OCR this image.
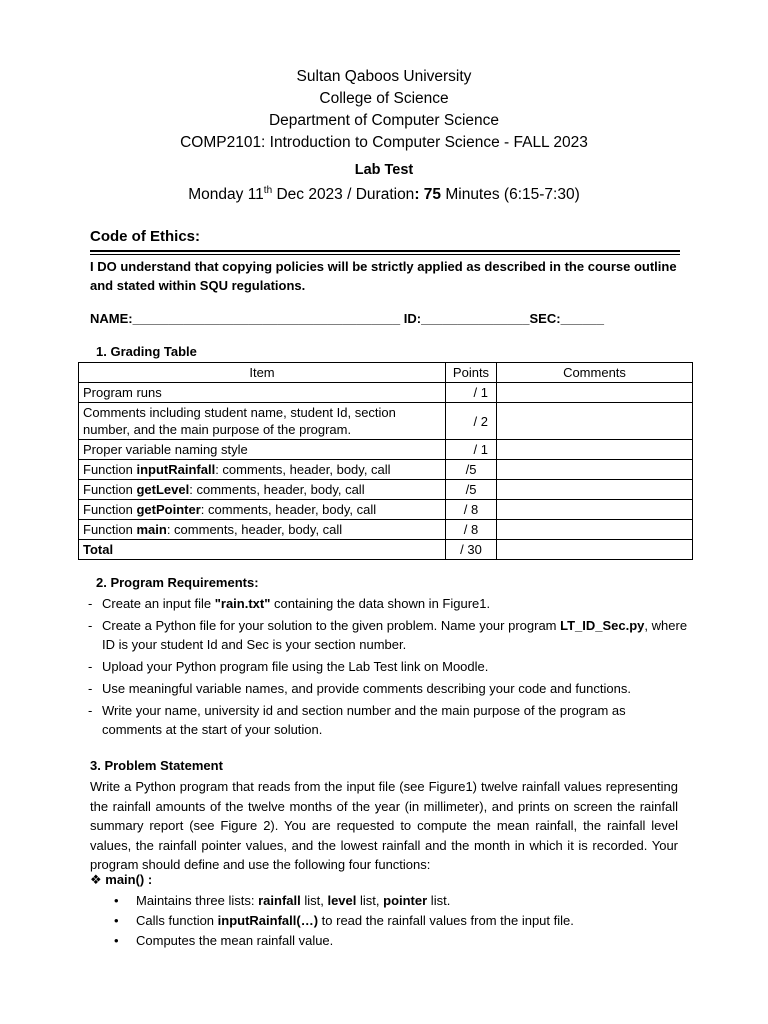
Sultan Qaboos University
College of Science
Department of Computer Science
COMP2101: Introduction to Computer Science - FALL 2023
Lab Test
Monday 11th Dec 2023 / Duration: 75 Minutes (6:15-7:30)
Code of Ethics:
I DO understand that copying policies will be strictly applied as described in the course outline and stated within SQU regulations.
NAME:_____________________________________ ID:_______________SEC:______
1. Grading Table
Item	Points	Comments
Program runs	/ 1	
Comments including student name, student Id, section number, and the main purpose of the program.	/ 2	
Proper variable naming style	/ 1	
Function inputRainfall: comments, header, body, call	/5	
Function getLevel: comments, header, body, call	/5	
Function getPointer: comments, header, body, call	/ 8	
Function main: comments, header, body, call	/ 8	
Total	/ 30	
2. Program Requirements:
- Create an input file "rain.txt" containing the data shown in Figure1.
- Create a Python file for your solution to the given problem. Name your program LT_ID_Sec.py, where ID is your student Id and Sec is your section number.
- Upload your Python program file using the Lab Test link on Moodle.
- Use meaningful variable names, and provide comments describing your code and functions.
- Write your name, university id and section number and the main purpose of the program as comments at the start of your solution.
3. Problem Statement
Write a Python program that reads from the input file (see Figure1) twelve rainfall values representing the rainfall amounts of the twelve months of the year (in millimeter), and prints on screen the rainfall summary report (see Figure 2). You are requested to compute the mean rainfall, the rainfall level values, the rainfall pointer values, and the lowest rainfall and the month in which it is recorded. Your program should define and use the following four functions:
❖ main() :
• Maintains three lists: rainfall list, level list, pointer list.
• Calls function inputRainfall(…) to read the rainfall values from the input file.
• Computes the mean rainfall value.
